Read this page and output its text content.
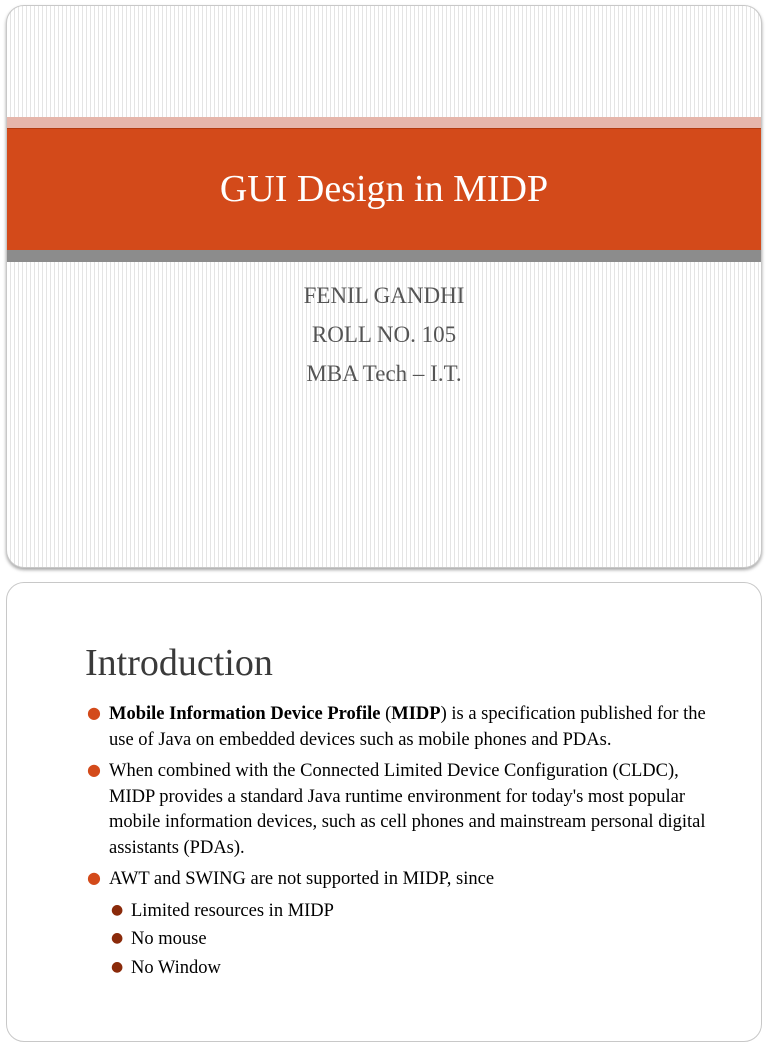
GUI Design in MIDP
FENIL GANDHI
ROLL NO. 105
MBA Tech – I.T.
Introduction
● Mobile Information Device Profile (MIDP) is a specification published for the use of Java on embedded devices such as mobile phones and PDAs.
● When combined with the Connected Limited Device Configuration (CLDC), MIDP provides a standard Java runtime environment for today's most popular mobile information devices, such as cell phones and mainstream personal digital assistants (PDAs).
● AWT and SWING are not supported in MIDP, since
● Limited resources in MIDP
● No mouse
● No Window
